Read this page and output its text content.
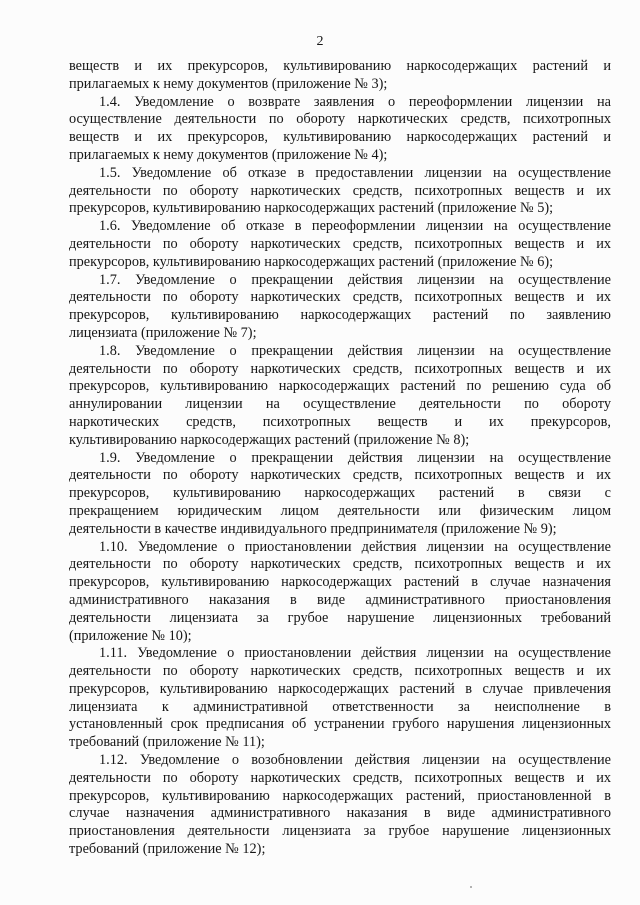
2
веществ и их прекурсоров, культивированию наркосодержащих растений и
прилагаемых к нему документов (приложение № 3);
1.4. Уведомление о возврате заявления о переоформлении лицензии на
осуществление деятельности по обороту наркотических средств, психотропных
веществ и их прекурсоров, культивированию наркосодержащих растений и
прилагаемых к нему документов (приложение № 4);
1.5. Уведомление об отказе в предоставлении лицензии на осуществление
деятельности по обороту наркотических средств, психотропных веществ и их
прекурсоров, культивированию наркосодержащих растений (приложение № 5);
1.6. Уведомление об отказе в переоформлении лицензии на осуществление
деятельности по обороту наркотических средств, психотропных веществ и их
прекурсоров, культивированию наркосодержащих растений (приложение № 6);
1.7. Уведомление о прекращении действия лицензии на осуществление
деятельности по обороту наркотических средств, психотропных веществ и их
прекурсоров, культивированию наркосодержащих растений по заявлению
лицензиата (приложение № 7);
1.8. Уведомление о прекращении действия лицензии на осуществление
деятельности по обороту наркотических средств, психотропных веществ и их
прекурсоров, культивированию наркосодержащих растений по решению суда об
аннулировании лицензии на осуществление деятельности по обороту
наркотических средств, психотропных веществ и их прекурсоров,
культивированию наркосодержащих растений (приложение № 8);
1.9. Уведомление о прекращении действия лицензии на осуществление
деятельности по обороту наркотических средств, психотропных веществ и их
прекурсоров, культивированию наркосодержащих растений в связи с
прекращением юридическим лицом деятельности или физическим лицом
деятельности в качестве индивидуального предпринимателя (приложение № 9);
1.10. Уведомление о приостановлении действия лицензии на осуществление
деятельности по обороту наркотических средств, психотропных веществ и их
прекурсоров, культивированию наркосодержащих растений в случае назначения
административного наказания в виде административного приостановления
деятельности лицензиата за грубое нарушение лицензионных требований
(приложение № 10);
1.11. Уведомление о приостановлении действия лицензии на осуществление
деятельности по обороту наркотических средств, психотропных веществ и их
прекурсоров, культивированию наркосодержащих растений в случае привлечения
лицензиата к административной ответственности за неисполнение в
установленный срок предписания об устранении грубого нарушения лицензионных
требований (приложение № 11);
1.12. Уведомление о возобновлении действия лицензии на осуществление
деятельности по обороту наркотических средств, психотропных веществ и их
прекурсоров, культивированию наркосодержащих растений, приостановленной в
случае назначения административного наказания в виде административного
приостановления деятельности лицензиата за грубое нарушение лицензионных
требований (приложение № 12);
